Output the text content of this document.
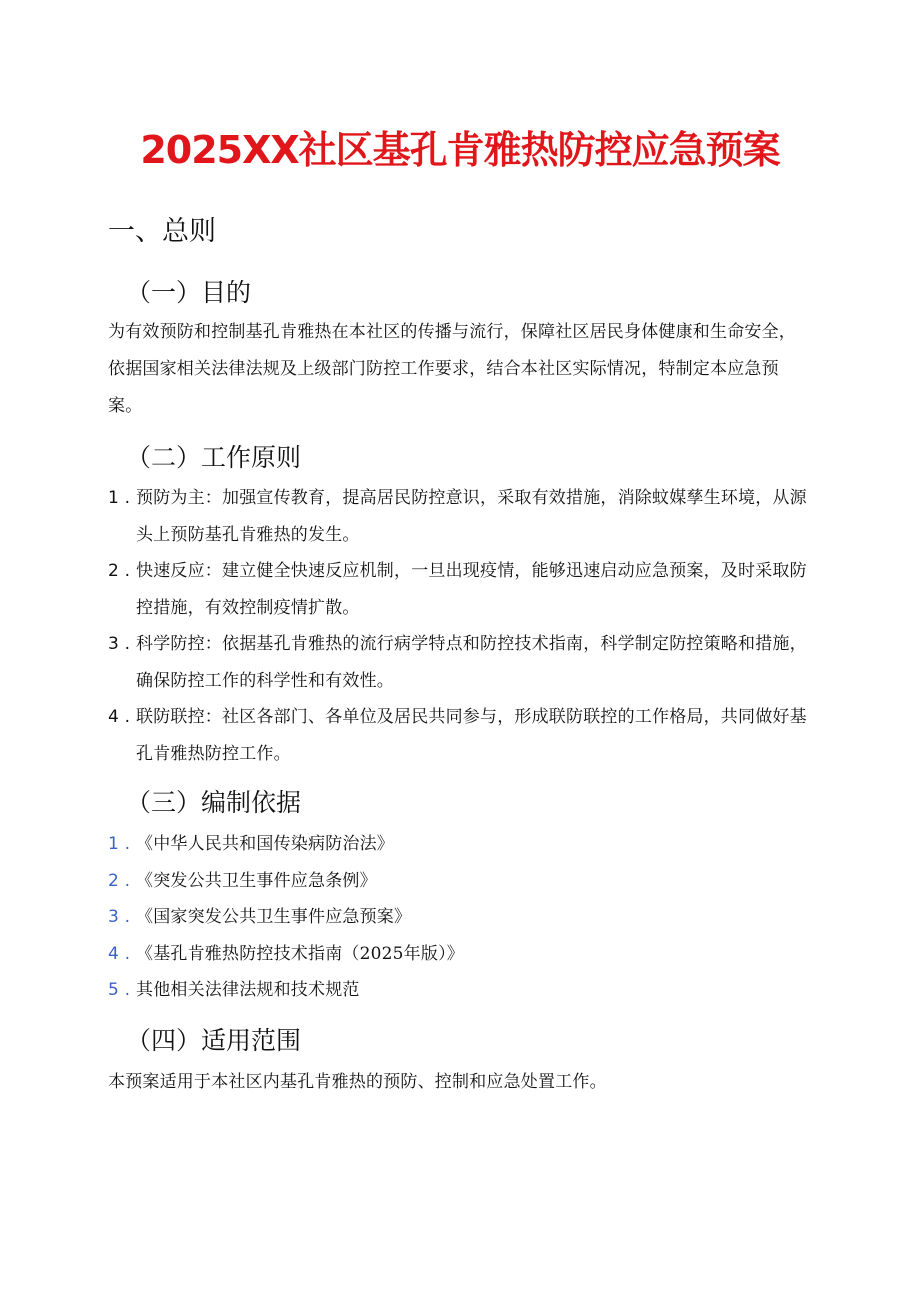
2025XX社区基孔肯雅热防控应急预案
一、总则
（一）目的

为有效预防和控制基孔肯雅热在本社区的传播与流行，保障社区居民身体健康和生命安全，依据国家相关法律法规及上级部门防控工作要求，结合本社区实际情况，特制定本应急预案。

（二）工作原则
1 . 预防为主：加强宣传教育，提高居民防控意识，采取有效措施，消除蚊媒孳生环境，从源头上预防基孔肯雅热的发生。
2 . 快速反应：建立健全快速反应机制，一旦出现疫情，能够迅速启动应急预案，及时采取防控措施，有效控制疫情扩散。
3 . 科学防控：依据基孔肯雅热的流行病学特点和防控技术指南，科学制定防控策略和措施，确保防控工作的科学性和有效性。
4 . 联防联控：社区各部门、各单位及居民共同参与，形成联防联控的工作格局，共同做好基孔肯雅热防控工作。
（三）编制依据
1 . 《中华人民共和国传染病防治法》
2 . 《突发公共卫生事件应急条例》
3 . 《国家突发公共卫生事件应急预案》
4 . 《基孔肯雅热防控技术指南（2025年版）》
5 . 其他相关法律法规和技术规范
（四）适用范围

本预案适用于本社区内基孔肯雅热的预防、控制和应急处置工作。
